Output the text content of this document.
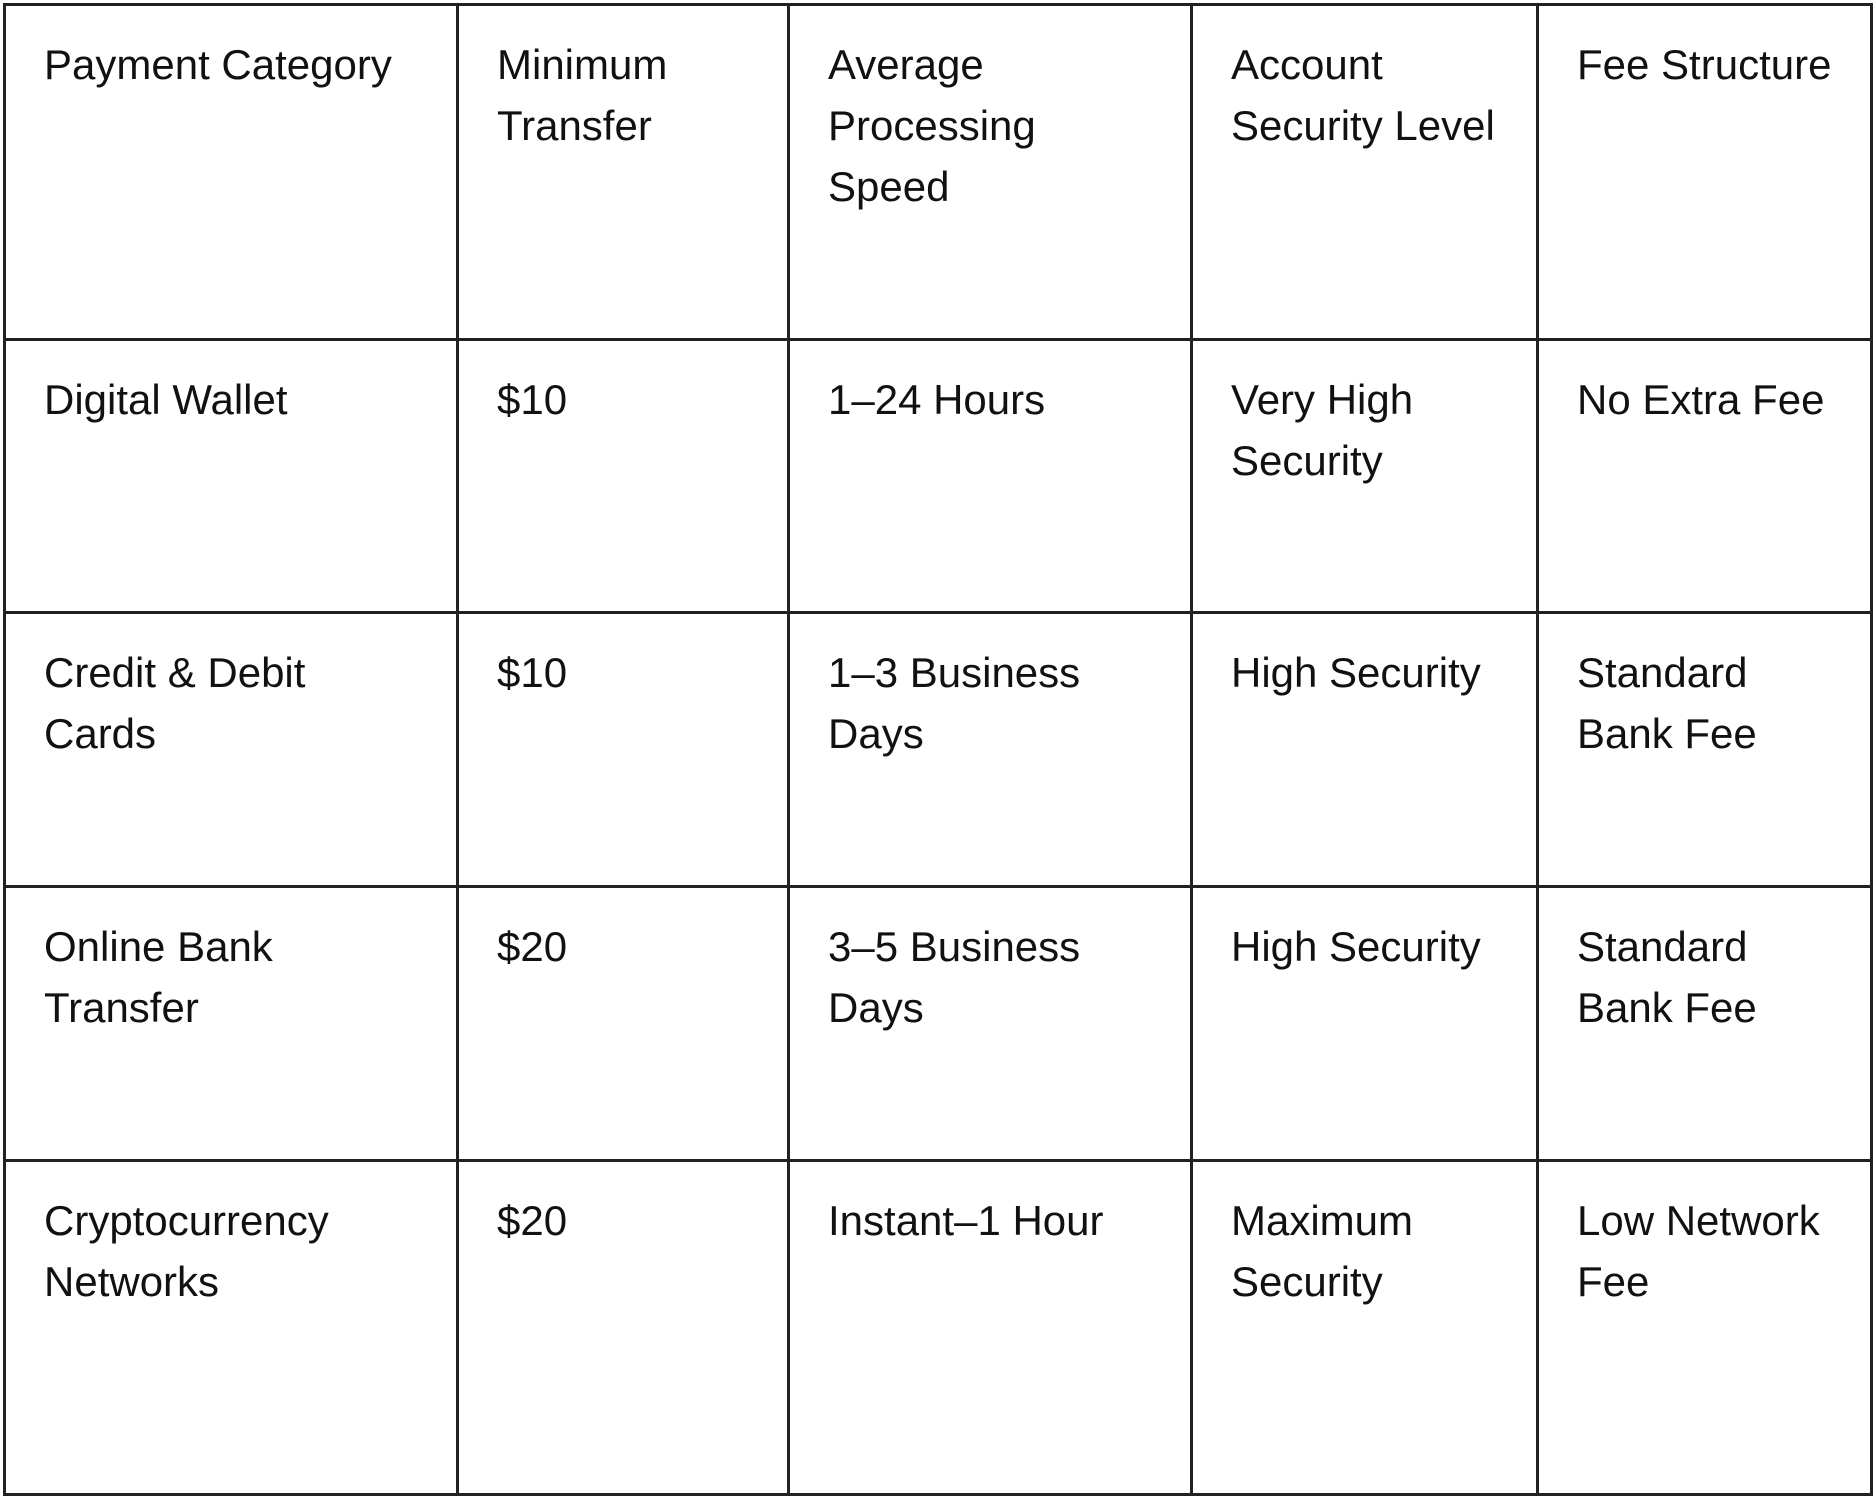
Payment Category	Minimum Transfer	Average Processing Speed	Account Security Level	Fee Structure
Digital Wallet	$10	1–24 Hours	Very High Security	No Extra Fee
Credit & Debit Cards	$10	1–3 Business Days	High Security	Standard Bank Fee
Online Bank Transfer	$20	3–5 Business Days	High Security	Standard Bank Fee
Cryptocurrency Networks	$20	Instant–1 Hour	Maximum Security	Low Network Fee
